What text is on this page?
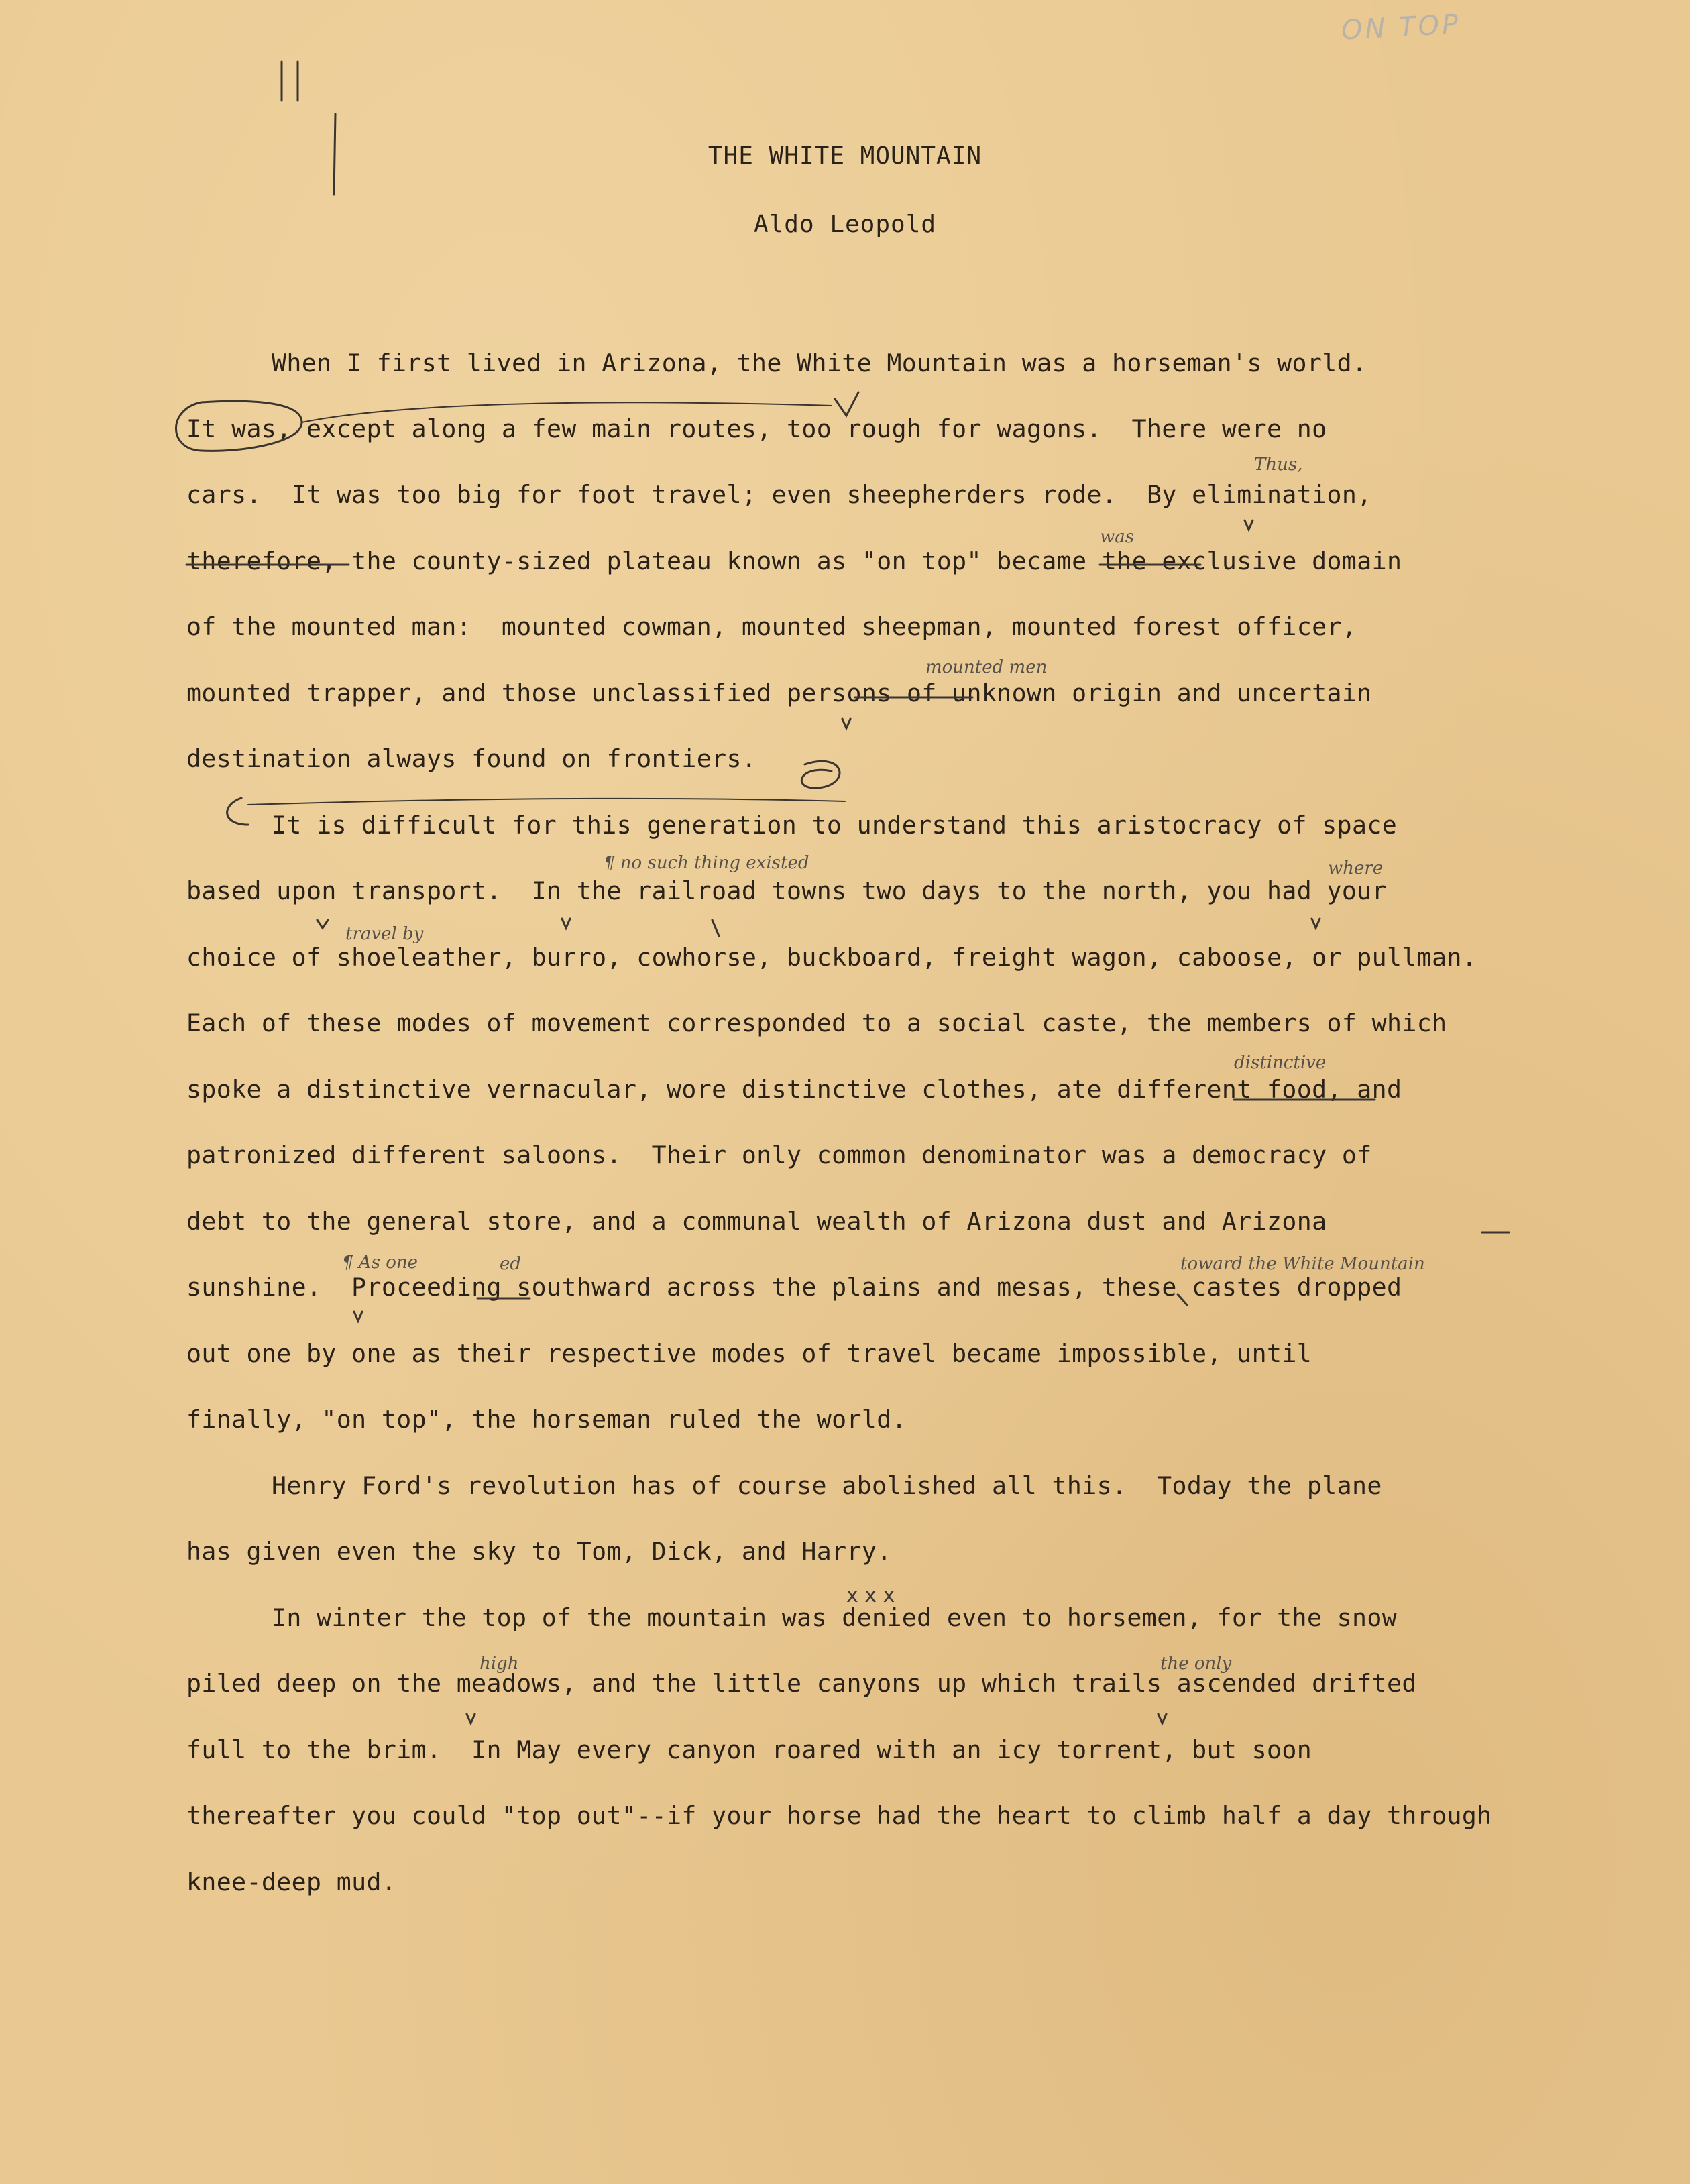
ON TOP
THE WHITE MOUNTAIN
Aldo Leopold
When I first lived in Arizona, the White Mountain was a horseman's world.
It was, except along a few main routes, too rough for wagons.  There were no
cars.  It was too big for foot travel; even sheepherders rode.  By elimination,
therefore, the county-sized plateau known as "on top" became the exclusive domain
of the mounted man:  mounted cowman, mounted sheepman, mounted forest officer,
mounted trapper, and those unclassified persons of unknown origin and uncertain
destination always found on frontiers.
It is difficult for this generation to understand this aristocracy of space
based upon transport.  In the railroad towns two days to the north, you had your
choice of shoeleather, burro, cowhorse, buckboard, freight wagon, caboose, or pullman.
Each of these modes of movement corresponded to a social caste, the members of which
spoke a distinctive vernacular, wore distinctive clothes, ate different food, and
patronized different saloons.  Their only common denominator was a democracy of
debt to the general store, and a communal wealth of Arizona dust and Arizona
sunshine.  Proceeding southward across the plains and mesas, these castes dropped
out one by one as their respective modes of travel became impossible, until
finally, "on top", the horseman ruled the world.
Henry Ford's revolution has of course abolished all this.  Today the plane
has given even the sky to Tom, Dick, and Harry.
x x x
In winter the top of the mountain was denied even to horsemen, for the snow
piled deep on the meadows, and the little canyons up which trails ascended drifted
full to the brim.  In May every canyon roared with an icy torrent, but soon
thereafter you could "top out"--if your horse had the heart to climb half a day through
knee-deep mud.
Thus,
was
mounted men
¶ no such thing existed	where
travel by
distinctive
¶ As one	ed	toward the White Mountain
high	the only
